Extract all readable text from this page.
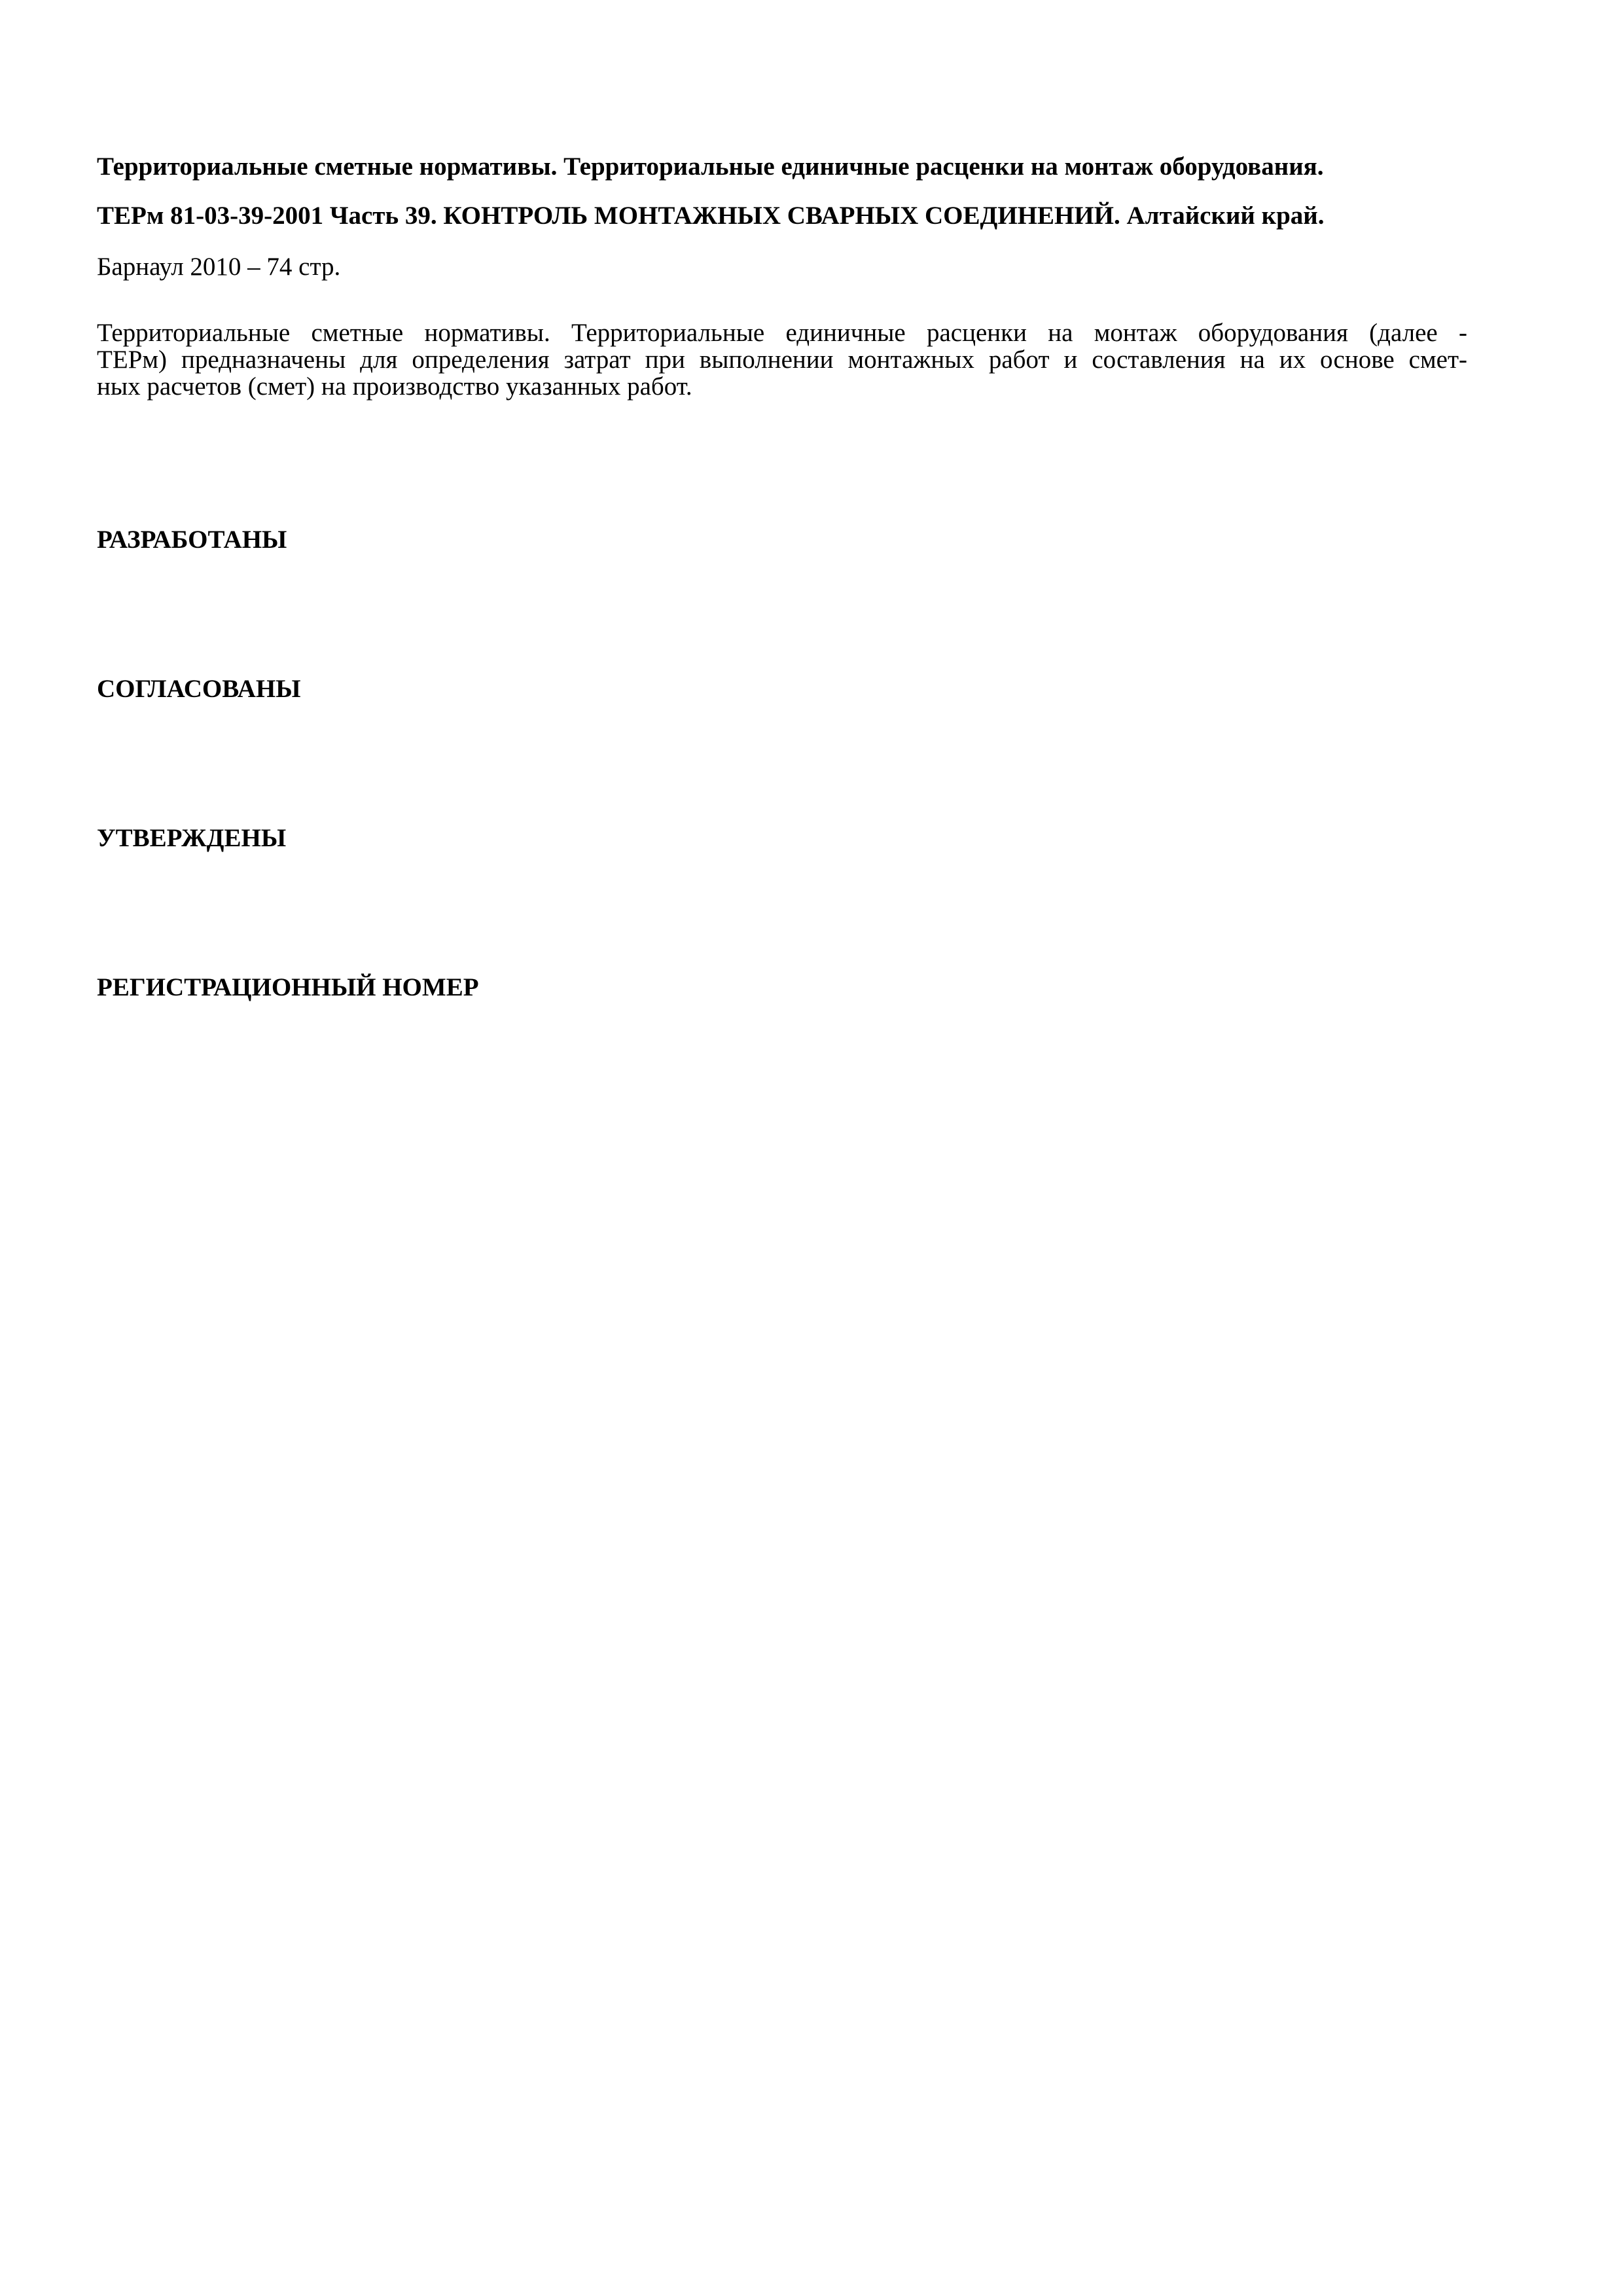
Территориальные сметные нормативы. Территориальные единичные расценки на монтаж оборудования.

ТЕРм 81-03-39-2001 Часть 39. КОНТРОЛЬ МОНТАЖНЫХ СВАРНЫХ СОЕДИНЕНИЙ. Алтайский край.

Барнаул 2010 – 74 стр.

Территориальные сметные нормативы. Территориальные единичные расценки на монтаж оборудования (далее -
ТЕРм) предназначены для определения затрат при выполнении монтажных работ и составления на их основе смет-
ных расчетов (смет) на производство указанных работ.

РАЗРАБОТАНЫ

СОГЛАСОВАНЫ

УТВЕРЖДЕНЫ

РЕГИСТРАЦИОННЫЙ НОМЕР
